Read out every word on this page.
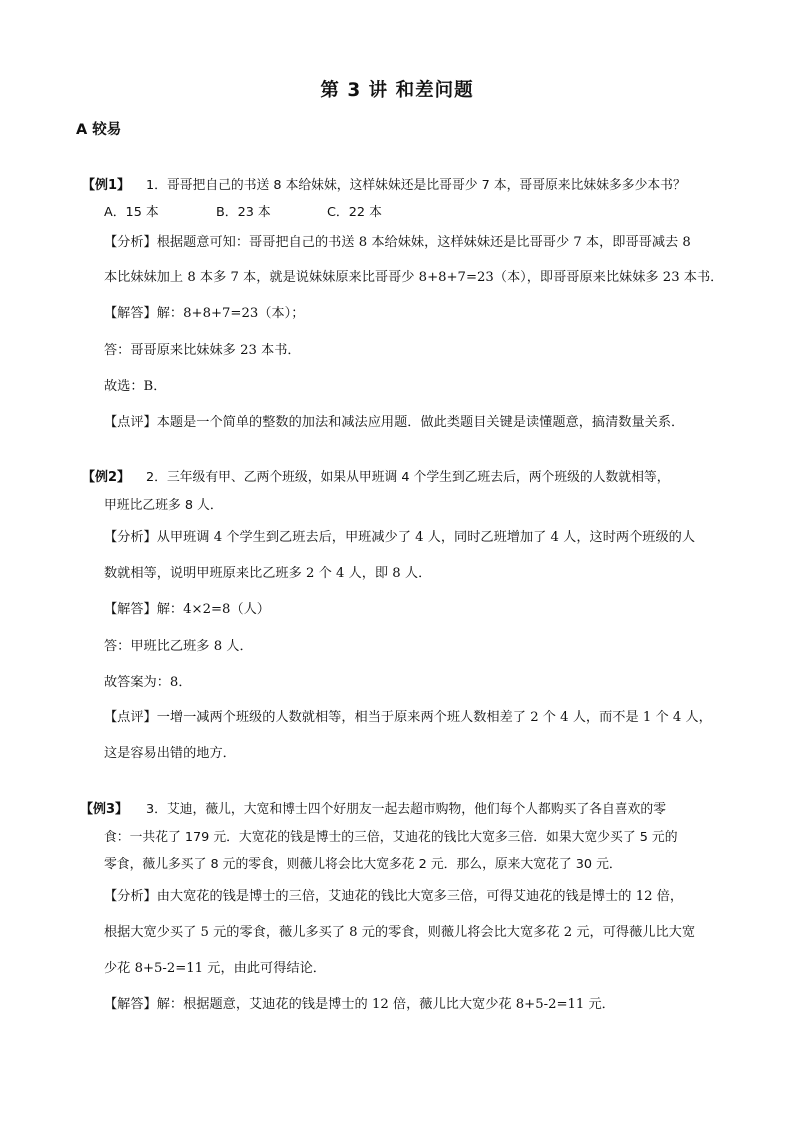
第 3 讲 和差问题
A 较易
【例1】 1．哥哥把自己的书送 8 本给妹妹，这样妹妹还是比哥哥少 7 本，哥哥原来比妹妹多多少本书？
A．15 本	B．23 本	C．22 本
【分析】根据题意可知：哥哥把自己的书送 8 本给妹妹，这样妹妹还是比哥哥少 7 本，即哥哥减去 8
本比妹妹加上 8 本多 7 本，就是说妹妹原来比哥哥少 8+8+7=23（本），即哥哥原来比妹妹多 23 本书．
【解答】解：8+8+7=23（本）；
答：哥哥原来比妹妹多 23 本书．
故选：B．
【点评】本题是一个简单的整数的加法和减法应用题．做此类题目关键是读懂题意，搞清数量关系．
【例2】 2．三年级有甲、乙两个班级，如果从甲班调 4 个学生到乙班去后，两个班级的人数就相等，
甲班比乙班多 8 人．
【分析】从甲班调 4 个学生到乙班去后，甲班减少了 4 人，同时乙班增加了 4 人，这时两个班级的人
数就相等，说明甲班原来比乙班多 2 个 4 人，即 8 人．
【解答】解：4×2=8（人）
答：甲班比乙班多 8 人．
故答案为：8．
【点评】一增一减两个班级的人数就相等，相当于原来两个班人数相差了 2 个 4 人，而不是 1 个 4 人，
这是容易出错的地方．
【例3】 3．艾迪，薇儿，大宽和博士四个好朋友一起去超市购物，他们每个人都购买了各自喜欢的零
食：一共花了 179 元．大宽花的钱是博士的三倍，艾迪花的钱比大宽多三倍．如果大宽少买了 5 元的
零食，薇儿多买了 8 元的零食，则薇儿将会比大宽多花 2 元．那么，原来大宽花了 30 元．
【分析】由大宽花的钱是博士的三倍，艾迪花的钱比大宽多三倍，可得艾迪花的钱是博士的 12 倍，
根据大宽少买了 5 元的零食，薇儿多买了 8 元的零食，则薇儿将会比大宽多花 2 元，可得薇儿比大宽
少花 8+5-2=11 元，由此可得结论．
【解答】解：根据题意，艾迪花的钱是博士的 12 倍，薇儿比大宽少花 8+5-2=11 元．
